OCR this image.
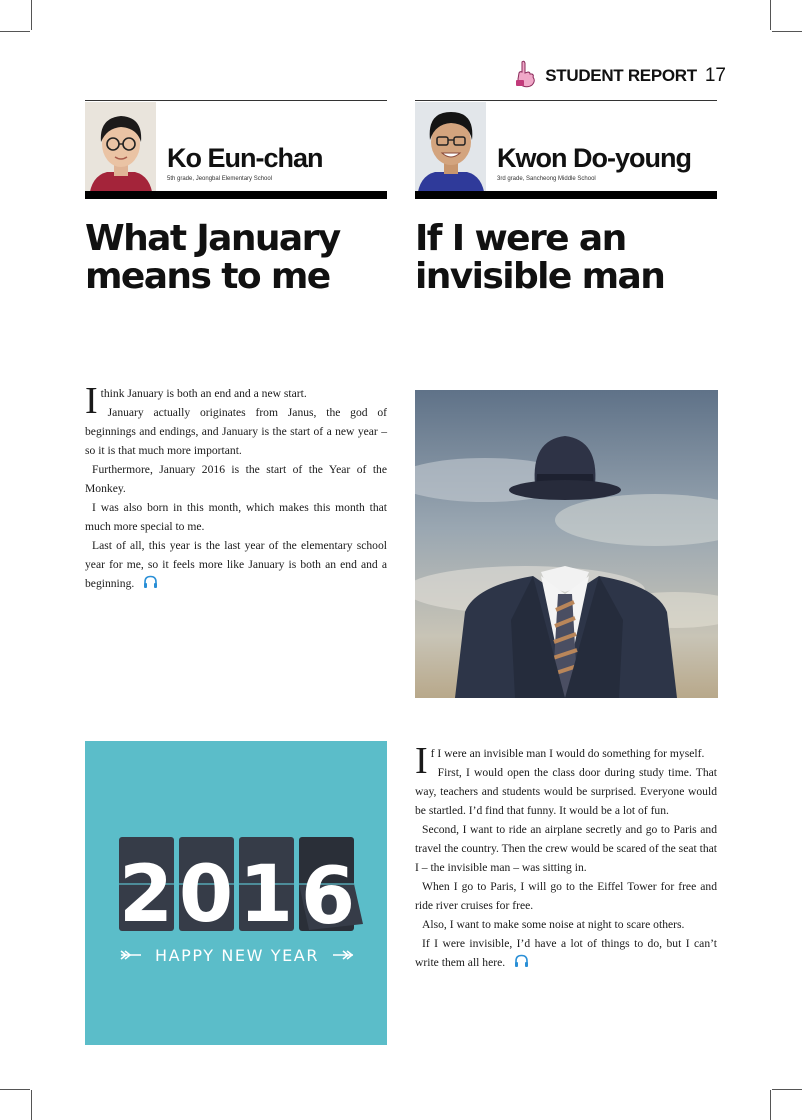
STUDENT REPORT 17
Ko Eun-chan
5th grade, Jeongbal Elementary School
What January
means to me

I think January is both an end and a new start.

January actually originates from Janus, the god of beginnings and endings, and January is the start of a new year – so it is that much more important.

Furthermore, January 2016 is the start of the Year of the Monkey.

I was also born in this month, which makes this month that much more special to me.

Last of all, this year is the last year of the elementary school year for me, so it feels more like January is both an end and a beginning.

2 0 1 6
HAPPY NEW YEAR
Kwon Do-young
3rd grade, Sancheong Middle School
If I were an
invisible man

If I were an invisible man I would do something for myself.

First, I would open the class door during study time. That way, teachers and students would be surprised. Everyone would be startled. I’d find that funny. It would be a lot of fun.

Second, I want to ride an airplane secretly and go to Paris and travel the country. Then the crew would be scared of the seat that I – the invisible man – was sitting in.

When I go to Paris, I will go to the Eiffel Tower for free and ride river cruises for free.

Also, I want to make some noise at night to scare others.

If I were invisible, I’d have a lot of things to do, but I can’t write them all here.
